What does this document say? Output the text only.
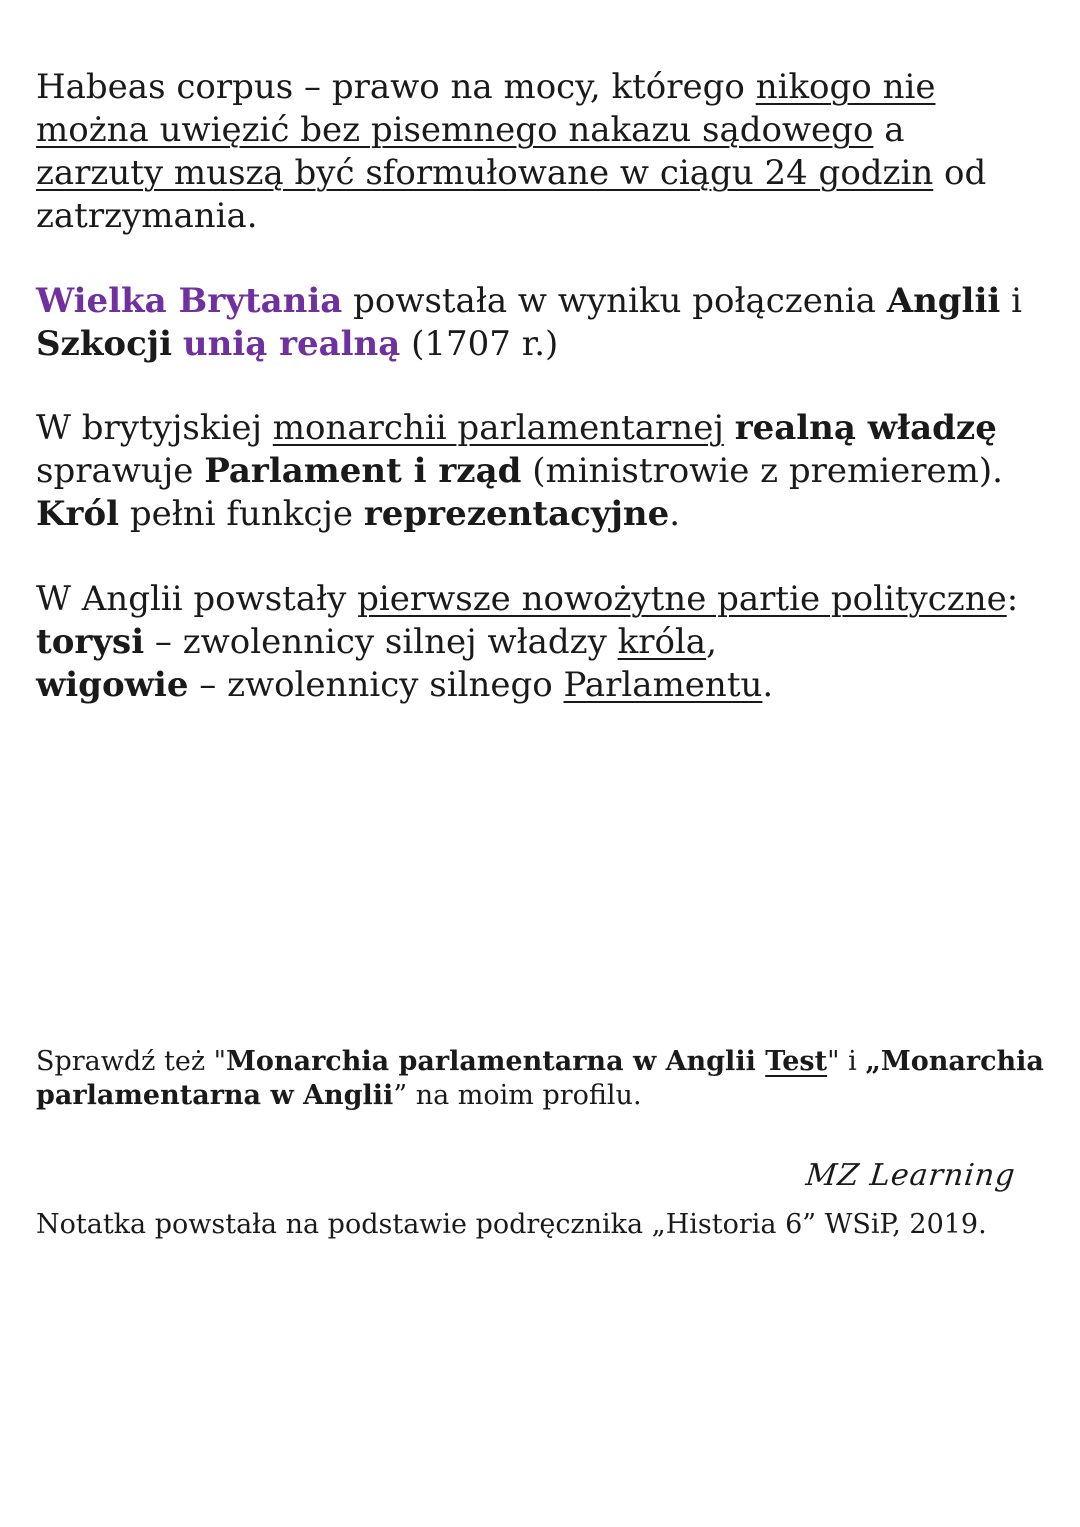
Habeas corpus – prawo na mocy, którego nikogo nie można uwięzić bez pisemnego nakazu sądowego a zarzuty muszą być sformułowane w ciągu 24 godzin od zatrzymania.

Wielka Brytania powstała w wyniku połączenia Anglii i Szkocji unią realną (1707 r.)

W brytyjskiej monarchii parlamentarnej realną władzę sprawuje Parlament i rząd (ministrowie z premierem). Król pełni funkcje reprezentacyjne.

W Anglii powstały pierwsze nowożytne partie polityczne:
torysi – zwolennicy silnej władzy króla,
wigowie – zwolennicy silnego Parlamentu.

Sprawdź też "Monarchia parlamentarna w Anglii Test" i „Monarchia parlamentarna w Anglii” na moim profilu.

MZ Learning

Notatka powstała na podstawie podręcznika „Historia 6” WSiP, 2019.
